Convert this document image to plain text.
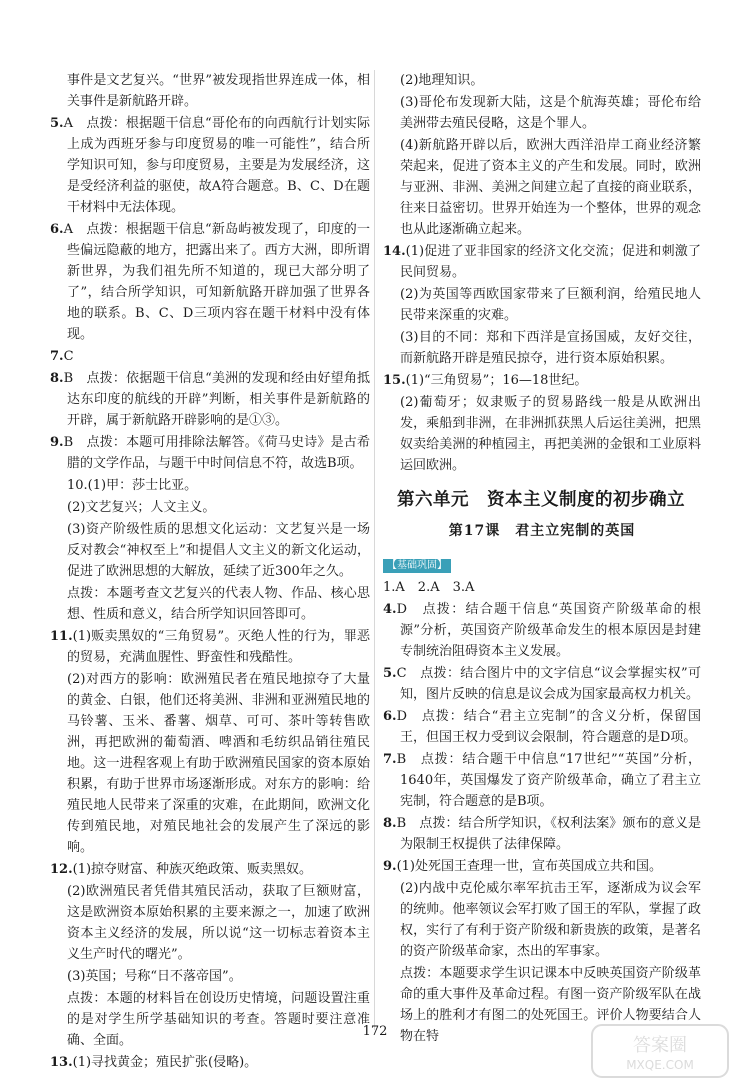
事件是文艺复兴。“世界”被发现指世界连成一体，相关事件是新航路开辟。

5.A　点拨：根据题干信息“哥伦布的向西航行计划实际上成为西班牙参与印度贸易的唯一可能性”，结合所学知识可知，参与印度贸易，主要是为发展经济，这是受经济利益的驱使，故A符合题意。B、C、D在题干材料中无法体现。

6.A　点拨：根据题干信息“新岛屿被发现了，印度的一些偏远隐蔽的地方，把露出来了。西方大洲，即所谓新世界，为我们祖先所不知道的，现已大部分明了了”，结合所学知识，可知新航路开辟加强了世界各地的联系。B、C、D三项内容在题干材料中没有体现。

7.C

8.B　点拨：依据题干信息“美洲的发现和经由好望角抵达东印度的航线的开辟”判断，相关事件是新航路的开辟，属于新航路开辟影响的是①③。

9.B　点拨：本题可用排除法解答。《荷马史诗》是古希腊的文学作品，与题干中时间信息不符，故选B项。

10.(1)甲：莎士比亚。

(2)文艺复兴；人文主义。

(3)资产阶级性质的思想文化运动：文艺复兴是一场反对教会“神权至上”和提倡人文主义的新文化运动，促进了欧洲思想的大解放，延续了近300年之久。

点拨：本题考查文艺复兴的代表人物、作品、核心思想、性质和意义，结合所学知识回答即可。

11.(1)贩卖黑奴的“三角贸易”。灭绝人性的行为，罪恶的贸易，充满血腥性、野蛮性和残酷性。

(2)对西方的影响：欧洲殖民者在殖民地掠夺了大量的黄金、白银，他们还将美洲、非洲和亚洲殖民地的马铃薯、玉米、番薯、烟草、可可、茶叶等转售欧洲，再把欧洲的葡萄酒、啤酒和毛纺织品销往殖民地。这一进程客观上有助于欧洲殖民国家的资本原始积累，有助于世界市场逐渐形成。对东方的影响：给殖民地人民带来了深重的灾难，在此期间，欧洲文化传到殖民地，对殖民地社会的发展产生了深远的影响。

12.(1)掠夺财富、种族灭绝政策、贩卖黑奴。

(2)欧洲殖民者凭借其殖民活动，获取了巨额财富，这是欧洲资本原始积累的主要来源之一，加速了欧洲资本主义经济的发展，所以说“这一切标志着资本主义生产时代的曙光”。

(3)英国；号称“日不落帝国”。

点拨：本题的材料旨在创设历史情境，问题设置注重的是对学生所学基础知识的考查。答题时要注意准确、全面。

13.(1)寻找黄金；殖民扩张(侵略)。

(2)地理知识。

(3)哥伦布发现新大陆，这是个航海英雄；哥伦布给美洲带去殖民侵略，这是个罪人。

(4)新航路开辟以后，欧洲大西洋沿岸工商业经济繁荣起来，促进了资本主义的产生和发展。同时，欧洲与亚洲、非洲、美洲之间建立起了直接的商业联系，往来日益密切。世界开始连为一个整体，世界的观念也从此逐渐确立起来。

14.(1)促进了亚非国家的经济文化交流；促进和刺激了民间贸易。

(2)为英国等西欧国家带来了巨额利润，给殖民地人民带来深重的灾难。

(3)目的不同：郑和下西洋是宣扬国威，友好交往，而新航路开辟是殖民掠夺，进行资本原始积累。

15.(1)“三角贸易”；16—18世纪。

(2)葡萄牙；奴隶贩子的贸易路线一般是从欧洲出发，乘船到非洲，在非洲抓获黑人后运往美洲，把黑奴卖给美洲的种植园主，再把美洲的金银和工业原料运回欧洲。

第六单元　资本主义制度的初步确立
第17课　君主立宪制的英国
【基础巩固】

1.A　2.A　3.A

4.D　点拨：结合题干信息“英国资产阶级革命的根源”分析，英国资产阶级革命发生的根本原因是封建专制统治阻碍资本主义发展。

5.C　点拨：结合图片中的文字信息“议会掌握实权”可知，图片反映的信息是议会成为国家最高权力机关。

6.D　点拨：结合“君主立宪制”的含义分析，保留国王，但国王权力受到议会限制，符合题意的是D项。

7.B　点拨：结合题干中信息“17世纪”“英国”分析，1640年，英国爆发了资产阶级革命，确立了君主立宪制，符合题意的是B项。

8.B　点拨：结合所学知识，《权利法案》颁布的意义是为限制王权提供了法律保障。

9.(1)处死国王查理一世，宣布英国成立共和国。

(2)内战中克伦威尔率军抗击王军，逐渐成为议会军的统帅。他率领议会军打败了国王的军队，掌握了政权，实行了有利于资产阶级和新贵族的政策，是著名的资产阶级革命家，杰出的军事家。

点拨：本题要求学生识记课本中反映英国资产阶级革命的重大事件及革命过程。有图一资产阶级军队在战场上的胜利才有图二的处死国王。评价人物要结合人物在特

172
答案圈
MXQE.COM
